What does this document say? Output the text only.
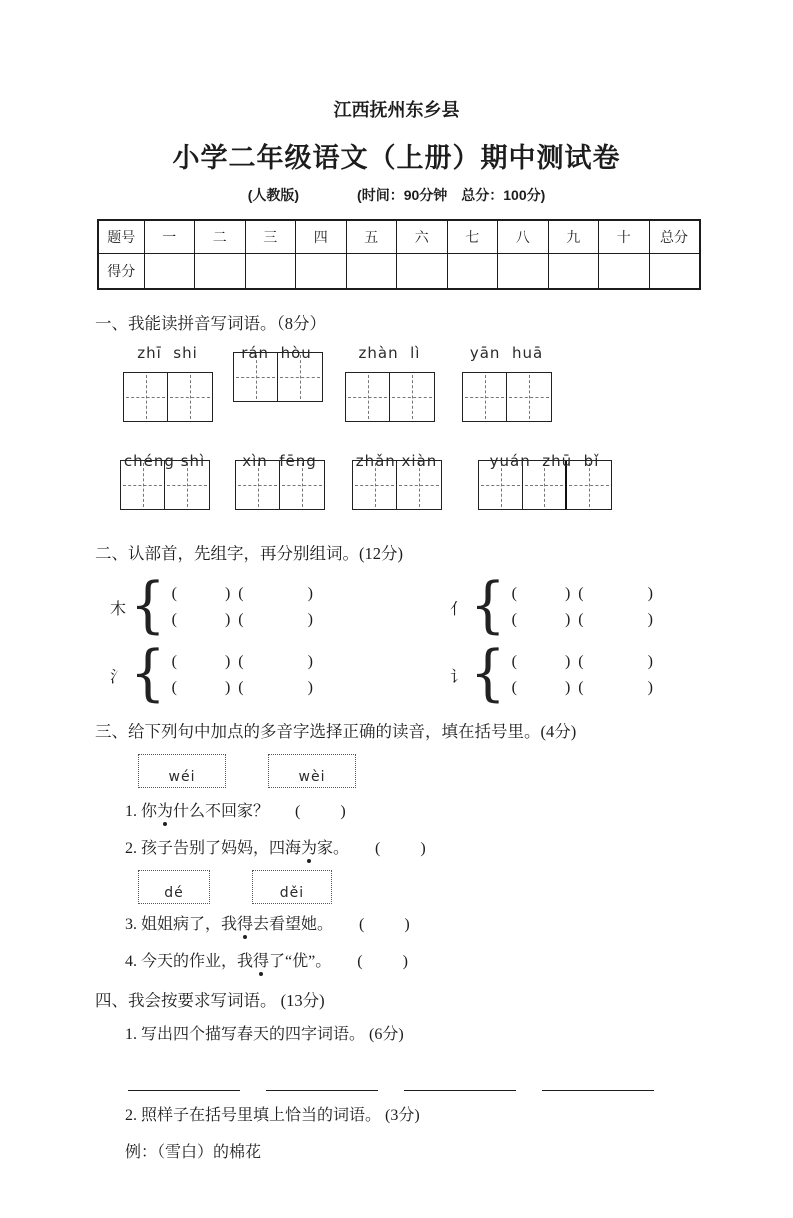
江西抚州东乡县
小学二年级语文（上册）期中测试卷
(人教版)	(时间：90分钟　总分：100分)
题号	一	二	三	四	五	六	七	八	九	十	总分
得分											
一、我能读拼音写词语。（8分）
zhī  shi	rán  hòu	zhàn  lì	yān  huā
chéng shì	xìn  fēng	zhǎn xiàn	yuán  zhū  bǐ
二、认部首，先组字，再分别组词。(12分)
木 { (            )  (                )
(            )  (                )
亻 { (            )  (                )
(            )  (                )
氵 { (            )  (                )
(            )  (                )
讠 { (            )  (                )
(            )  (                )
三、给下列句中加点的多音字选择正确的读音，填在括号里。(4分)
wéi	wèi
1. 你为什么不回家？ (          )
2. 孩子告别了妈妈，四海为家。 (          )
dé	děi
3. 姐姐病了，我得去看望她。 (          )
4. 今天的作业，我得了“优”。 (          )
四、我会按要求写词语。 (13分)
1. 写出四个描写春天的四字词语。 (6分)
2. 照样子在括号里填上恰当的词语。 (3分)
例：（雪白）的棉花
